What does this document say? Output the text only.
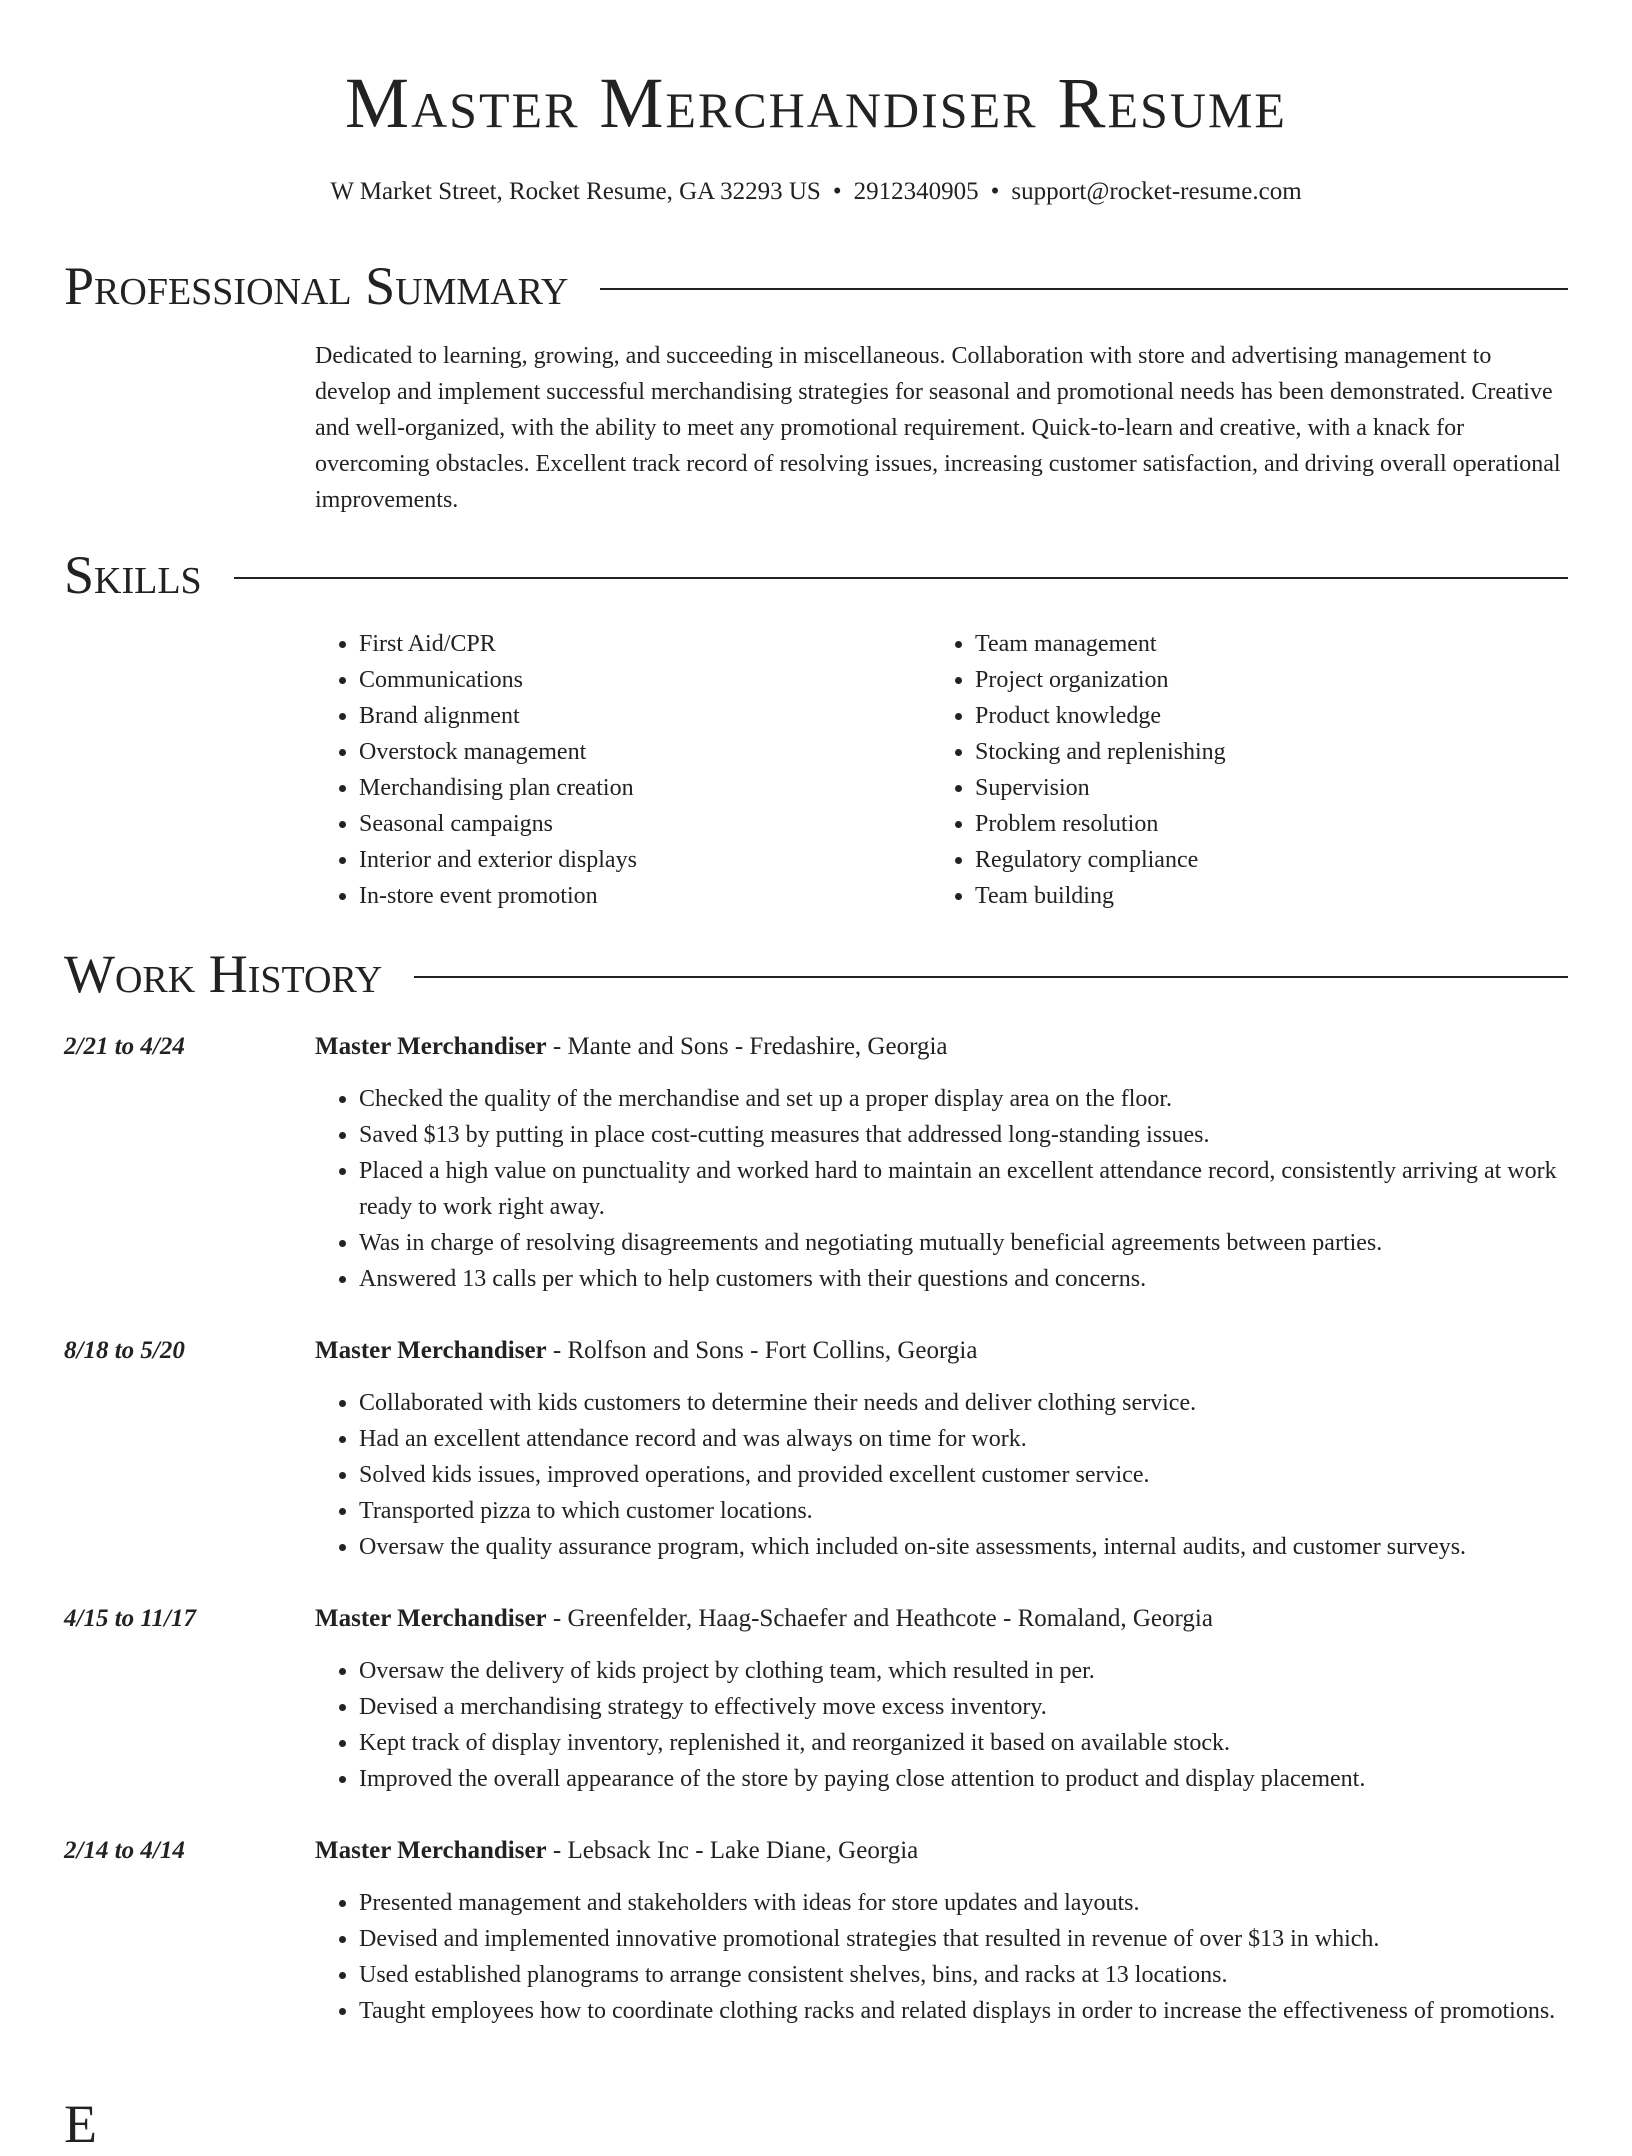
Master Merchandiser Resume
W Market Street, Rocket Resume, GA 32293 US • 2912340905 • support@rocket-resume.com
Professional Summary
Dedicated to learning, growing, and succeeding in miscellaneous. Collaboration with store and advertising management to develop and implement successful merchandising strategies for seasonal and promotional needs has been demonstrated. Creative and well-organized, with the ability to meet any promotional requirement. Quick-to-learn and creative, with a knack for overcoming obstacles. Excellent track record of resolving issues, increasing customer satisfaction, and driving overall operational improvements.
Skills
• First Aid/CPR
• Communications
• Brand alignment
• Overstock management
• Merchandising plan creation
• Seasonal campaigns
• Interior and exterior displays
• In-store event promotion
• Team management
• Project organization
• Product knowledge
• Stocking and replenishing
• Supervision
• Problem resolution
• Regulatory compliance
• Team building
Work History
2/21 to 4/24	Master Merchandiser - Mante and Sons - Fredashire, Georgia
• Checked the quality of the merchandise and set up a proper display area on the floor.
• Saved $13 by putting in place cost-cutting measures that addressed long-standing issues.
• Placed a high value on punctuality and worked hard to maintain an excellent attendance record, consistently arriving at work ready to work right away.
• Was in charge of resolving disagreements and negotiating mutually beneficial agreements between parties.
• Answered 13 calls per which to help customers with their questions and concerns.
8/18 to 5/20	Master Merchandiser - Rolfson and Sons - Fort Collins, Georgia
• Collaborated with kids customers to determine their needs and deliver clothing service.
• Had an excellent attendance record and was always on time for work.
• Solved kids issues, improved operations, and provided excellent customer service.
• Transported pizza to which customer locations.
• Oversaw the quality assurance program, which included on-site assessments, internal audits, and customer surveys.
4/15 to 11/17	Master Merchandiser - Greenfelder, Haag-Schaefer and Heathcote - Romaland, Georgia
• Oversaw the delivery of kids project by clothing team, which resulted in per.
• Devised a merchandising strategy to effectively move excess inventory.
• Kept track of display inventory, replenished it, and reorganized it based on available stock.
• Improved the overall appearance of the store by paying close attention to product and display placement.
2/14 to 4/14	Master Merchandiser - Lebsack Inc - Lake Diane, Georgia
• Presented management and stakeholders with ideas for store updates and layouts.
• Devised and implemented innovative promotional strategies that resulted in revenue of over $13 in which.
• Used established planograms to arrange consistent shelves, bins, and racks at 13 locations.
• Taught employees how to coordinate clothing racks and related displays in order to increase the effectiveness of promotions.
E
